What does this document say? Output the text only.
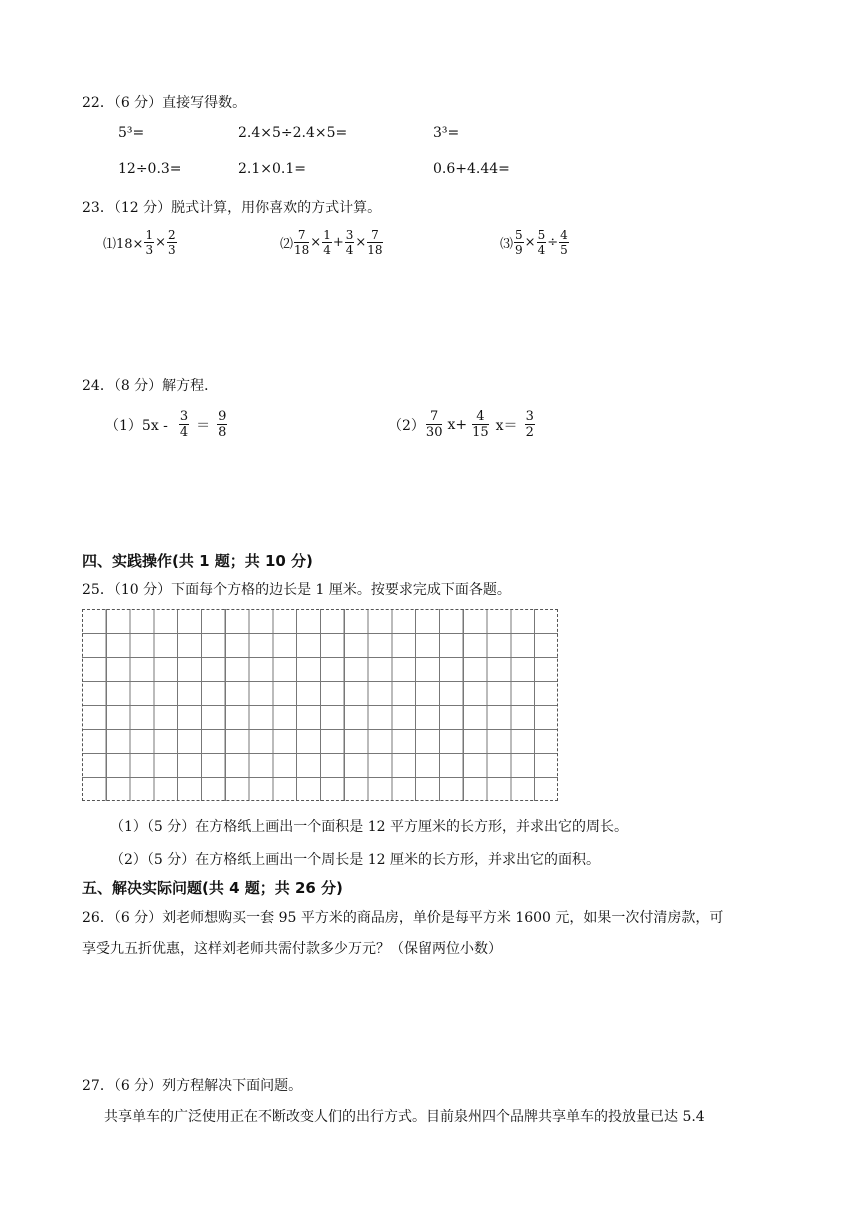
22．（6 分）直接写得数。
5³=	2.4×5÷2.4×5=	3³=
12÷0.3=	2.1×0.1=	0.6+4.44=
23．（12 分）脱式计算，用你喜欢的方式计算。
⑴18× $\frac{1}{3} \times \frac{2}{3}$	⑵ $\frac{7}{18} \times \frac{1}{4} + \frac{3}{4} \times \frac{7}{18}$	⑶ $\frac{5}{9} \times \frac{5}{4} \div \frac{4}{5}$
24．（8 分）解方程．
$(1)5x - \frac{3}{4} = \frac{9}{8}$	$(2) \frac{7}{30} x+ \frac{4}{15} x= \frac{3}{2}$
四、实践操作(共 1 题；共 10 分)
25．（10 分）下面每个方格的边长是 1 厘米。按要求完成下面各题。
（1）（5 分）在方格纸上画出一个面积是 12 平方厘米的长方形，并求出它的周长。
（2）（5 分）在方格纸上画出一个周长是 12 厘米的长方形，并求出它的面积。
五、解决实际问题(共 4 题；共 26 分)
26．（6 分）刘老师想购买一套 95 平方米的商品房，单价是每平方米 1600 元，如果一次付清房款，可
享受九五折优惠，这样刘老师共需付款多少万元？（保留两位小数）
27．（6 分）列方程解决下面问题。
共享单车的广泛使用正在不断改变人们的出行方式。目前泉州四个品牌共享单车的投放量已达 5.4
